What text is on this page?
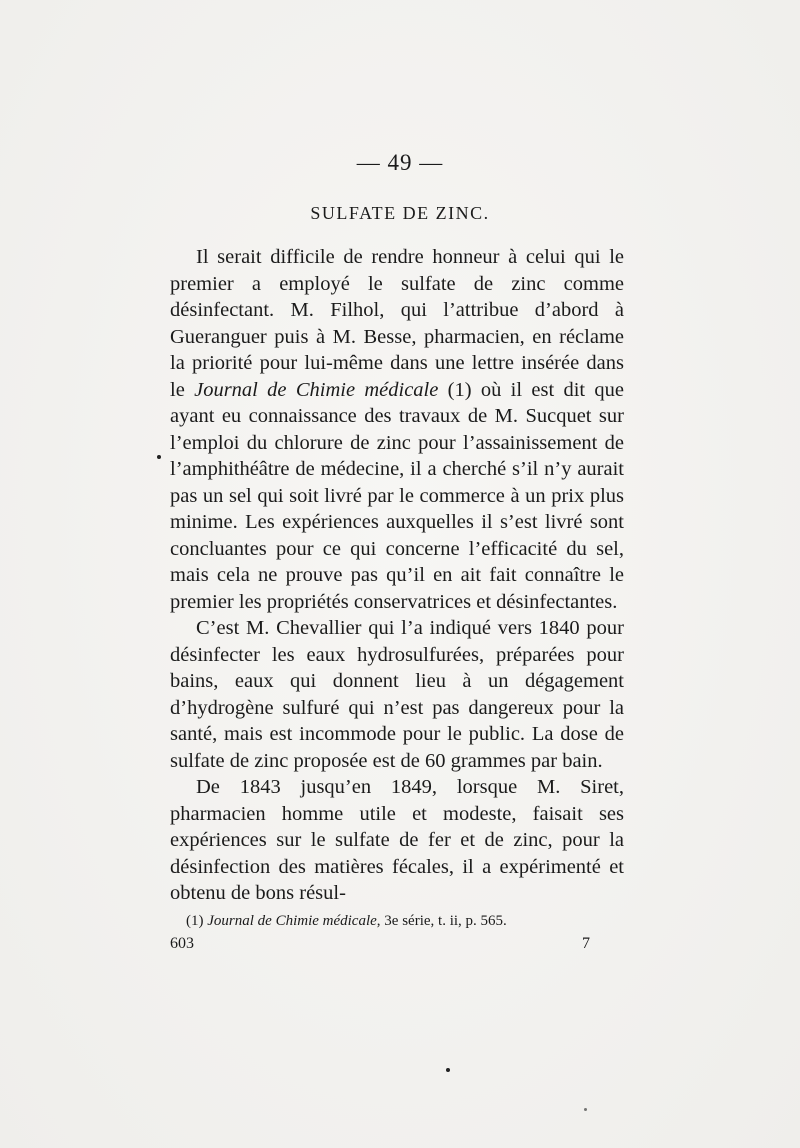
— 49 —
SULFATE DE ZINC.

Il serait difficile de rendre honneur à celui qui le premier a employé le sulfate de zinc comme désinfectant. M. Filhol, qui l’attribue d’abord à Gueranguer puis à M. Besse, pharmacien, en réclame la priorité pour lui-même dans une lettre insérée dans le Journal de Chimie médicale (1) où il est dit que ayant eu connaissance des travaux de M. Sucquet sur l’emploi du chlorure de zinc pour l’assainissement de l’amphithéâtre de médecine, il a cherché s’il n’y aurait pas un sel qui soit livré par le commerce à un prix plus minime. Les expériences auxquelles il s’est livré sont concluantes pour ce qui concerne l’efficacité du sel, mais cela ne prouve pas qu’il en ait fait connaître le premier les propriétés conservatrices et désinfectantes.

C’est M. Chevallier qui l’a indiqué vers 1840 pour désinfecter les eaux hydrosulfurées, préparées pour bains, eaux qui donnent lieu à un dégagement d’hydrogène sulfuré qui n’est pas dangereux pour la santé, mais est incommode pour le public. La dose de sulfate de zinc proposée est de 60 grammes par bain.

De 1843 jusqu’en 1849, lorsque M. Siret, pharmacien homme utile et modeste, faisait ses expériences sur le sulfate de fer et de zinc, pour la désinfection des matières fécales, il a expérimenté et obtenu de bons résul-

(1) Journal de Chimie médicale, 3e série, t. ii, p. 565.
603	7
